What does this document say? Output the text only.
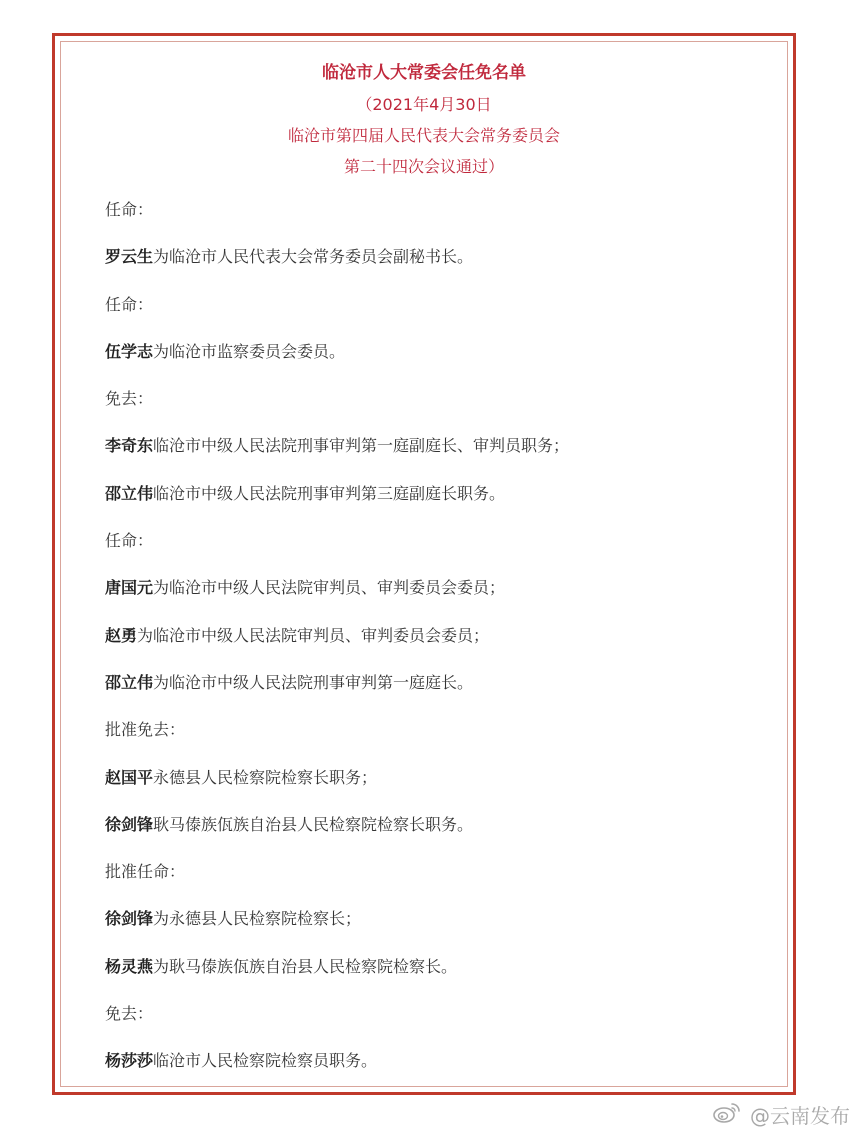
临沧市人大常委会任免名单
（2021年4月30日
临沧市第四届人民代表大会常务委员会
第二十四次会议通过）
任命：
罗云生为临沧市人民代表大会常务委员会副秘书长。
任命：
伍学志为临沧市监察委员会委员。
免去：
李奇东临沧市中级人民法院刑事审判第一庭副庭长、审判员职务；
邵立伟临沧市中级人民法院刑事审判第三庭副庭长职务。
任命：
唐国元为临沧市中级人民法院审判员、审判委员会委员；
赵勇为临沧市中级人民法院审判员、审判委员会委员；
邵立伟为临沧市中级人民法院刑事审判第一庭庭长。
批准免去：
赵国平永德县人民检察院检察长职务；
徐剑锋耿马傣族佤族自治县人民检察院检察长职务。
批准任命：
徐剑锋为永德县人民检察院检察长；
杨灵燕为耿马傣族佤族自治县人民检察院检察长。
免去：
杨莎莎临沧市人民检察院检察员职务。
@云南发布
